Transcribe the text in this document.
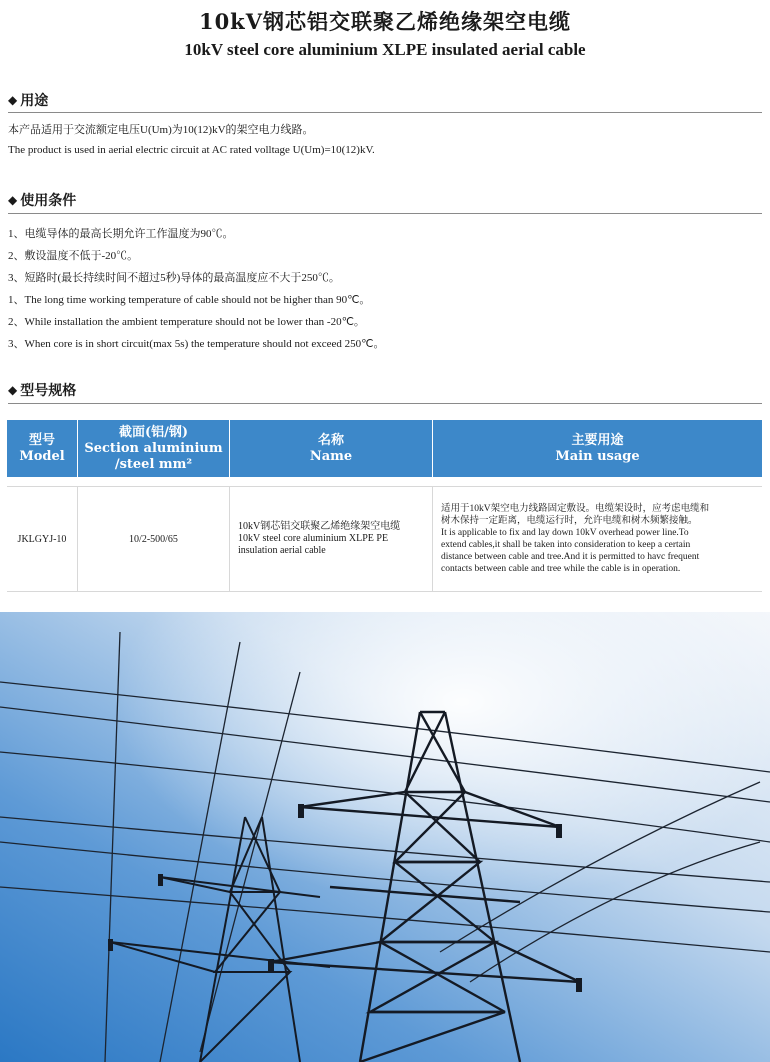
10kV钢芯铝交联聚乙烯绝缘架空电缆
10kV steel core aluminium XLPE insulated aerial cable
◆ 用途
本产品适用于交流额定电压U(Um)为10(12)kV的架空电力线路。
The product is used in aerial electric circuit at AC rated volltage U(Um)=10(12)kV.
◆ 使用条件
1、电缆导体的最高长期允许工作温度为90℃。
2、敷设温度不低于-20℃。
3、短路时(最长持续时间不超过5秒)导体的最高温度应不大于250℃。
1、The long time working temperature of cable should not be higher than 90℃。
2、While installation the ambient temperature should not be lower than -20℃。
3、When core is in short circuit(max 5s) the temperature should not exceed 250℃。
◆ 型号规格
型号
Model
截面(铝/钢)
Section aluminium /steel mm²
名称
Name
主要用途
Main usage
JKLGYJ-10	10/2-500/65
10kV钢芯铝交联聚乙烯绝缘架空电缆
10kV steel core aluminium XLPE PE
insulation aerial cable
适用于10kV架空电力线路固定敷设。电缆架设时，应考虑电缆和
树木保持一定距离，电缆运行时，允许电缆和树木频繁接触。
It is applicable to fix and lay down 10kV overhead power line.To
extend cables,it shall be taken into consideration to keep a certain
distance between cable and tree.And it is permitted to havc frequent
contacts between cable and tree while the cable is in operation.
